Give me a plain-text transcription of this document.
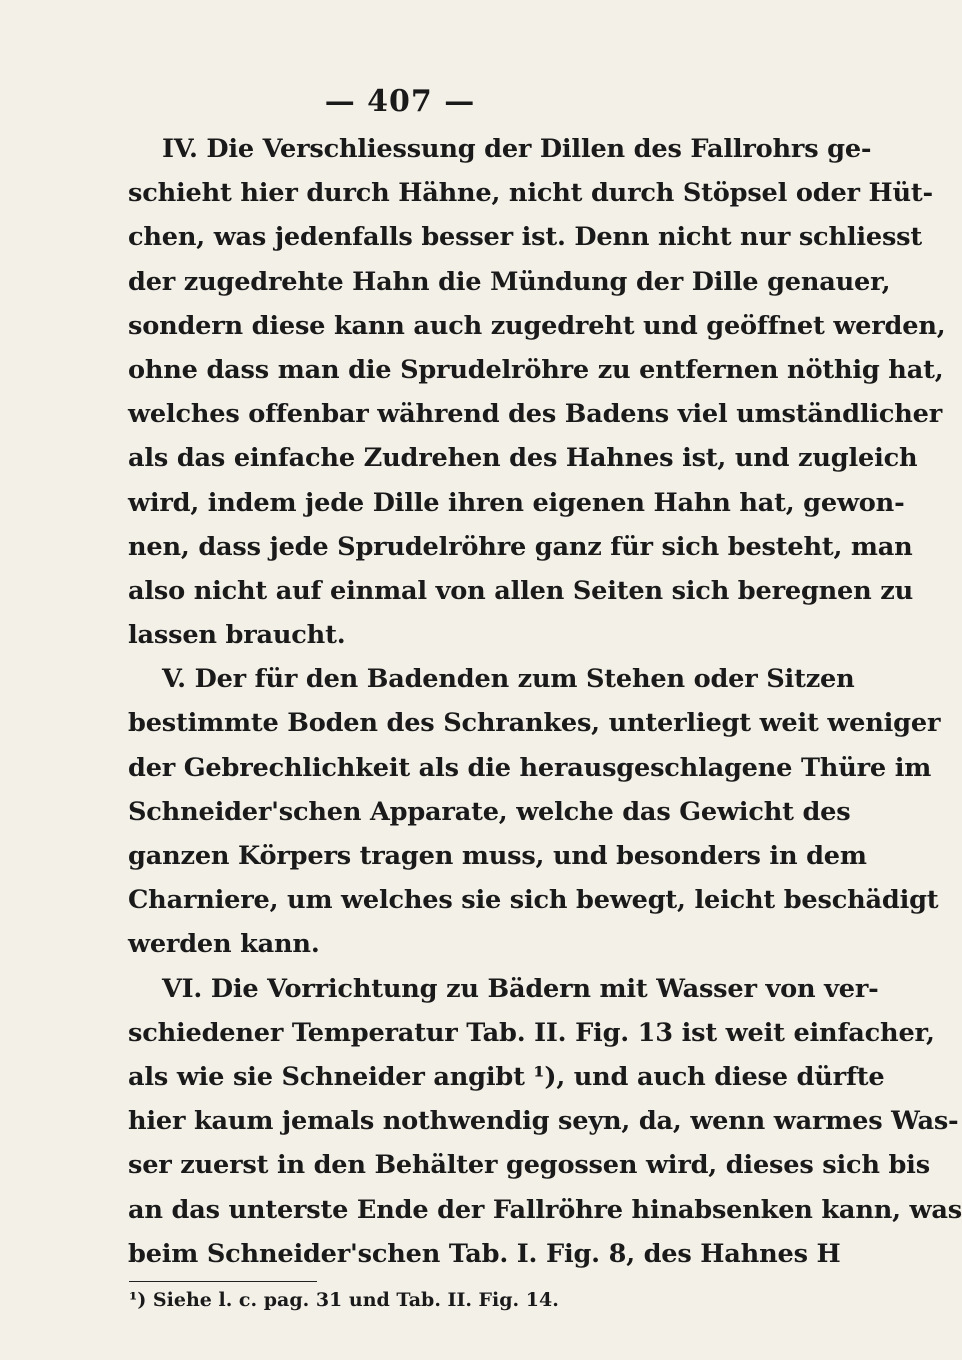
— 407 —
IV. Die Verschliessung der Dillen des Fallrohrs ge-
schieht hier durch Hähne, nicht durch Stöpsel oder Hüt-
chen, was jedenfalls besser ist. Denn nicht nur schliesst
der zugedrehte Hahn die Mündung der Dille genauer,
sondern diese kann auch zugedreht und geöffnet werden,
ohne dass man die Sprudelröhre zu entfernen nöthig hat,
welches offenbar während des Badens viel umständlicher
als das einfache Zudrehen des Hahnes ist, und zugleich
wird, indem jede Dille ihren eigenen Hahn hat, gewon-
nen, dass jede Sprudelröhre ganz für sich besteht, man
also nicht auf einmal von allen Seiten sich beregnen zu
lassen braucht.
V. Der für den Badenden zum Stehen oder Sitzen
bestimmte Boden des Schrankes, unterliegt weit weniger
der Gebrechlichkeit als die herausgeschlagene Thüre im
Schneider'schen Apparate, welche das Gewicht des
ganzen Körpers tragen muss, und besonders in dem
Charniere, um welches sie sich bewegt, leicht beschädigt
werden kann.
VI. Die Vorrichtung zu Bädern mit Wasser von ver-
schiedener Temperatur Tab. II. Fig. 13 ist weit einfacher,
als wie sie Schneider angibt ¹), und auch diese dürfte
hier kaum jemals nothwendig seyn, da, wenn warmes Was-
ser zuerst in den Behälter gegossen wird, dieses sich bis
an das unterste Ende der Fallröhre hinabsenken kann, was
beim Schneider'schen Tab. I. Fig. 8, des Hahnes H
¹) Siehe l. c. pag. 31 und Tab. II. Fig. 14.
